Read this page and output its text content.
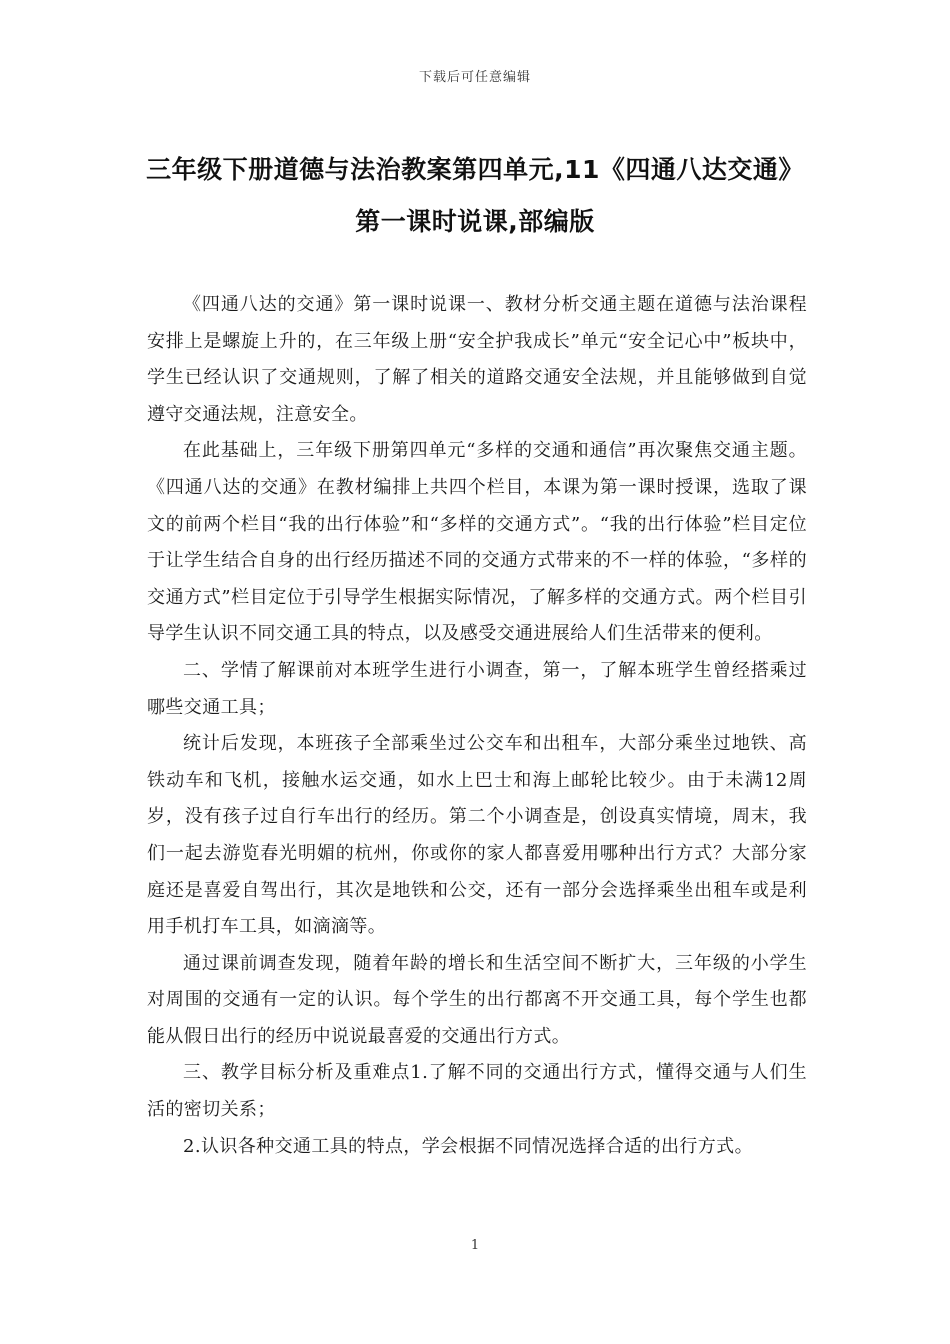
下载后可任意编辑
三年级下册道德与法治教案第四单元,11《四通八达交通》
第一课时说课,部编版

《四通八达的交通》第一课时说课一、教材分析交通主题在道德与法治课程安排上是螺旋上升的，在三年级上册“安全护我成长”单元“安全记心中”板块中，学生已经认识了交通规则，了解了相关的道路交通安全法规，并且能够做到自觉遵守交通法规，注意安全。

在此基础上，三年级下册第四单元“多样的交通和通信”再次聚焦交通主题。《四通八达的交通》在教材编排上共四个栏目，本课为第一课时授课，选取了课文的前两个栏目“我的出行体验”和“多样的交通方式”。“我的出行体验”栏目定位于让学生结合自身的出行经历描述不同的交通方式带来的不一样的体验，“多样的交通方式”栏目定位于引导学生根据实际情况，了解多样的交通方式。两个栏目引导学生认识不同交通工具的特点，以及感受交通进展给人们生活带来的便利。

二、学情了解课前对本班学生进行小调查，第一，了解本班学生曾经搭乘过哪些交通工具；

统计后发现，本班孩子全部乘坐过公交车和出租车，大部分乘坐过地铁、高铁动车和飞机，接触水运交通，如水上巴士和海上邮轮比较少。由于未满12周岁，没有孩子过自行车出行的经历。第二个小调查是，创设真实情境，周末，我们一起去游览春光明媚的杭州，你或你的家人都喜爱用哪种出行方式？大部分家庭还是喜爱自驾出行，其次是地铁和公交，还有一部分会选择乘坐出租车或是利用手机打车工具，如滴滴等。

通过课前调查发现，随着年龄的增长和生活空间不断扩大，三年级的小学生对周围的交通有一定的认识。每个学生的出行都离不开交通工具，每个学生也都能从假日出行的经历中说说最喜爱的交通出行方式。

三、教学目标分析及重难点1.了解不同的交通出行方式，懂得交通与人们生活的密切关系；

2.认识各种交通工具的特点，学会根据不同情况选择合适的出行方式。

1
